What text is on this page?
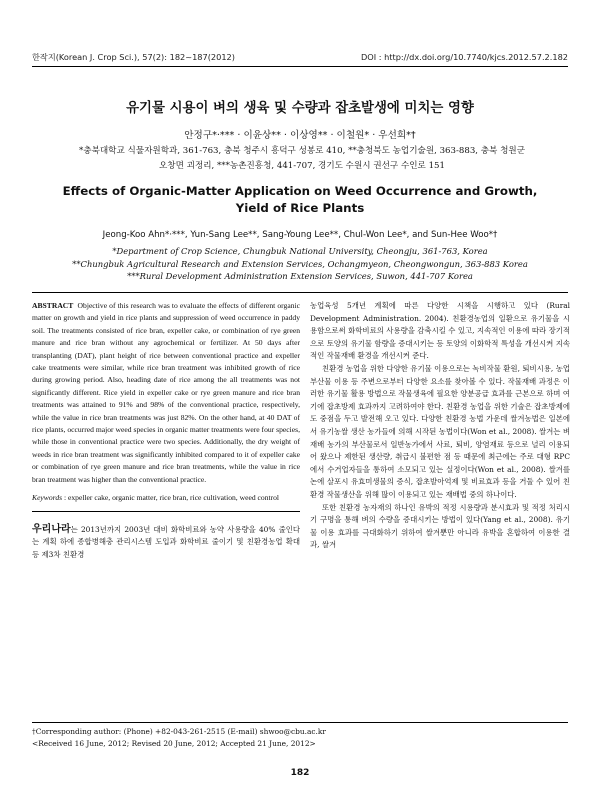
한작지(Korean J. Crop Sci.), 57(2): 182~187(2012)	DOI : http://dx.doi.org/10.7740/kjcs.2012.57.2.182
유기물 시용이 벼의 생육 및 수량과 잡초발생에 미치는 영향
안정구*·*** · 이윤상** · 이상영** · 이철원* · 우선희*†
*충북대학교 식물자원학과, 361-763, 충북 청주시 흥덕구 성봉로 410, **충청북도 농업기술원, 363-883, 충북 청원군
오창면 괴정리, ***농촌진흥청, 441-707, 경기도 수원시 권선구 수인로 151
Effects of Organic-Matter Application on Weed Occurrence and Growth,
Yield of Rice Plants
Jeong-Koo Ahn*·***, Yun-Sang Lee**, Sang-Young Lee**, Chul-Won Lee*, and Sun-Hee Woo*†
*Department of Crop Science, Chungbuk National University, Cheongju, 361-763, Korea
**Chungbuk Agricultural Research and Extension Services, Ochangmyeon, Cheongwongun, 363-883 Korea
***Rural Development Administration Extension Services, Suwon, 441-707 Korea
ABSTRACT Objective of this research was to evaluate the effects of different organic matter on growth and yield in rice plants and suppression of weed occurrence in paddy soil. The treatments consisted of rice bran, expeller cake, or combination of rye green manure and rice bran without any agrochemical or fertilizer. At 50 days after transplanting (DAT), plant height of rice between conventional practice and expeller cake treatments were similar, while rice bran treatment was inhibited growth of rice during growing period. Also, heading date of rice among the all treatments was not significantly different. Rice yield in expeller cake or rye green manure and rice bran treatments was attained to 91% and 98% of the conventional practice, respectively, while the value in rice bran treatments was just 82%. On the other hand, at 40 DAT of rice plants, occurred major weed species in organic matter treatments were four species, while those in conventional practice were two species. Additionally, the dry weight of weeds in rice bran treatment was significantly inhibited compared to it of expeller cake or combination of rye green manure and rice bran treatments, while the value in rice bran treatment was higher than the conventional practice.
Keywords : expeller cake, organic matter, rice bran, rice cultivation, weed control
우리나라는 2013년까지 2003년 대비 화학비료와 농약 사용량을 40% 줄인다는 계획 하에 종합병해충 관리시스템 도입과 화학비료 줄이기 및 친환경농업 확대 등 제3차 친환경

농업육성 5개년 계획에 따른 다양한 시책을 시행하고 있다 (Rural Development Administration. 2004). 친환경농업의 일환으로 유기물을 시용함으로써 화학비료의 사용량을 감축시킬 수 있고, 지속적인 이용에 따라 장기적으로 토양의 유기물 함량을 증대시키는 등 토양의 이화학적 특성을 개선시켜 지속적인 작물재배 환경을 개선시켜 준다.

친환경 농업을 위한 다양한 유기물 이용으로는 녹비작물 환원, 퇴비시용, 농업부산물 이용 등 주변으로부터 다양한 요소를 찾아볼 수 있다. 작물재배 과정은 이러한 유기물 활용 방법으로 작물생육에 필요한 양분공급 효과를 근본으로 하며 여기에 잡초방제 효과까지 고려하여야 한다. 친환경 농업을 위한 기술은 잡초방제에도 중점을 두고 발전해 오고 있다. 다양한 친환경 농법 가운데 쌀겨농법은 일본에서 유기농쌀 생산 농가들에 의해 시작된 농법이다(Won et al., 2008). 쌀겨는 벼 재배 농가의 부산물로서 일반농가에서 사료, 퇴비, 양염재료 등으로 널리 이용되어 왔으나 제한된 생산량, 취급시 불편한 점 등 때문에 최근에는 주로 대형 RPC에서 수거업자들을 통하여 소모되고 있는 실정이다(Won et al., 2008). 쌀겨를 논에 살포시 유효미생물의 증식, 잡초발아억제 및 비료효과 등을 거둘 수 있어 친환경 작물생산을 위해 많이 이용되고 있는 재배법 중의 하나이다.

또한 친환경 농자재의 하나인 유박의 적정 시용량과 분시효과 및 적정 처리시기 구명을 통해 벼의 수량을 증대시키는 방법이 있다(Yang et al., 2008). 유기물 이용 효과를 극대화하기 위하여 쌀겨뿐만 아니라 유박을 혼합하여 이용한 결과, 쌀겨

†Corresponding author: (Phone) +82-043-261-2515 (E-mail) shwoo@cbu.ac.kr
<Received 16 June, 2012; Revised 20 June, 2012; Accepted 21 June, 2012>
182
